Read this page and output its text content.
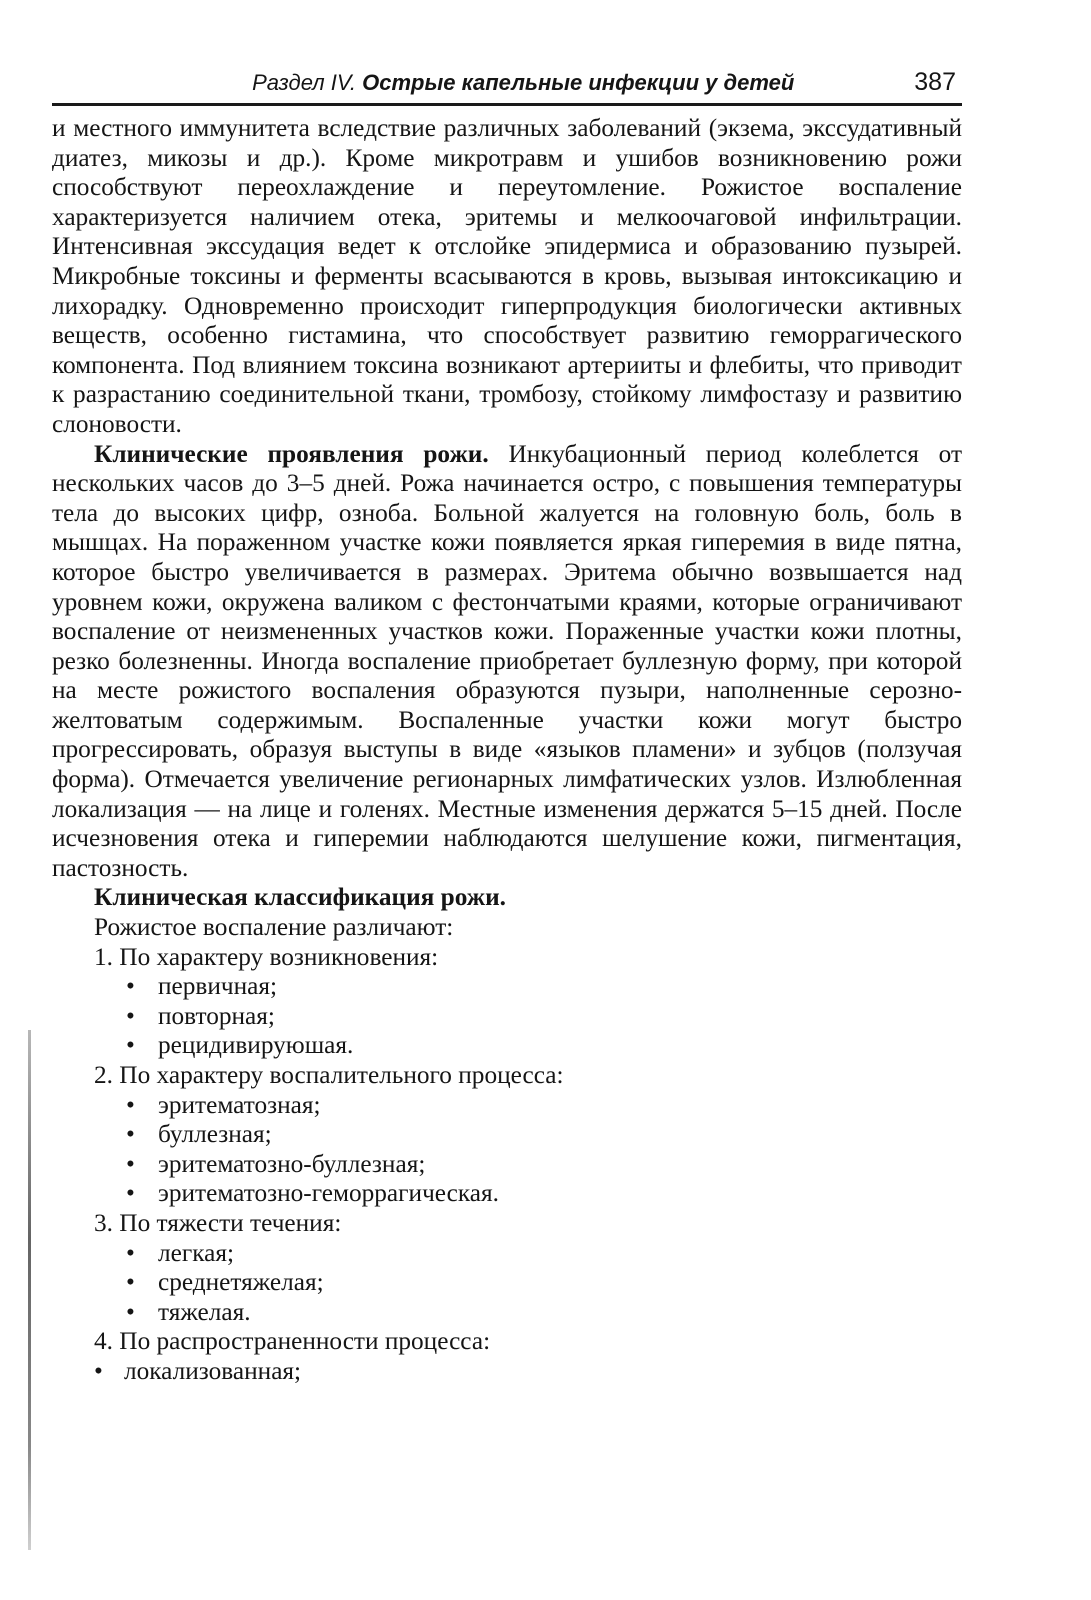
Раздел IV. Острые капельные инфекции у детей	387

и местного иммунитета вследствие различных заболеваний (экзема, экссудативный диатез, микозы и др.). Кроме микротравм и ушибов возникновению рожи способствуют переохлаждение и переутомление. Рожистое воспаление характеризуется наличием отека, эритемы и мелкоочаговой инфильтрации. Интенсивная экссудация ведет к отслойке эпидермиса и образованию пузырей. Микробные токсины и ферменты всасываются в кровь, вызывая интоксикацию и лихорадку. Одновременно происходит гиперпродукция биологически активных веществ, особенно гистамина, что способствует развитию геморрагического компонента. Под влиянием токсина возникают артерииты и флебиты, что приводит к разрастанию соединительной ткани, тромбозу, стойкому лимфостазу и развитию слоновости.

Клинические проявления рожи. Инкубационный период колеблется от нескольких часов до 3–5 дней. Рожа начинается остро, с повышения температуры тела до высоких цифр, озноба. Больной жалуется на головную боль, боль в мышцах. На пораженном участке кожи появляется яркая гиперемия в виде пятна, которое быстро увеличивается в размерах. Эритема обычно возвышается над уровнем кожи, окружена валиком с фестончатыми краями, которые ограничивают воспаление от неизмененных участков кожи. Пораженные участки кожи плотны, резко болезненны. Иногда воспаление приобретает буллезную форму, при которой на месте рожистого воспаления образуются пузыри, наполненные серозно-желтоватым содержимым. Воспаленные участки кожи могут быстро прогрессировать, образуя выступы в виде «языков пламени» и зубцов (ползучая форма). Отмечается увеличение регионарных лимфатических узлов. Излюбленная локализация — на лице и голенях. Местные изменения держатся 5–15 дней. После исчезновения отека и гиперемии наблюдаются шелушение кожи, пигментация, пастозность.

Клиническая классификация рожи.

Рожистое воспаление различают:

1. По характеру возникновения:

• первичная;
• повторная;
• рецидивируюшая.

2. По характеру воспалительного процесса:

• эритематозная;
• буллезная;
• эритематозно-буллезная;
• эритематозно-геморрагическая.

3. По тяжести течения:

• легкая;
• среднетяжелая;
• тяжелая.

4. По распространенности процесса:

• локализованная;
